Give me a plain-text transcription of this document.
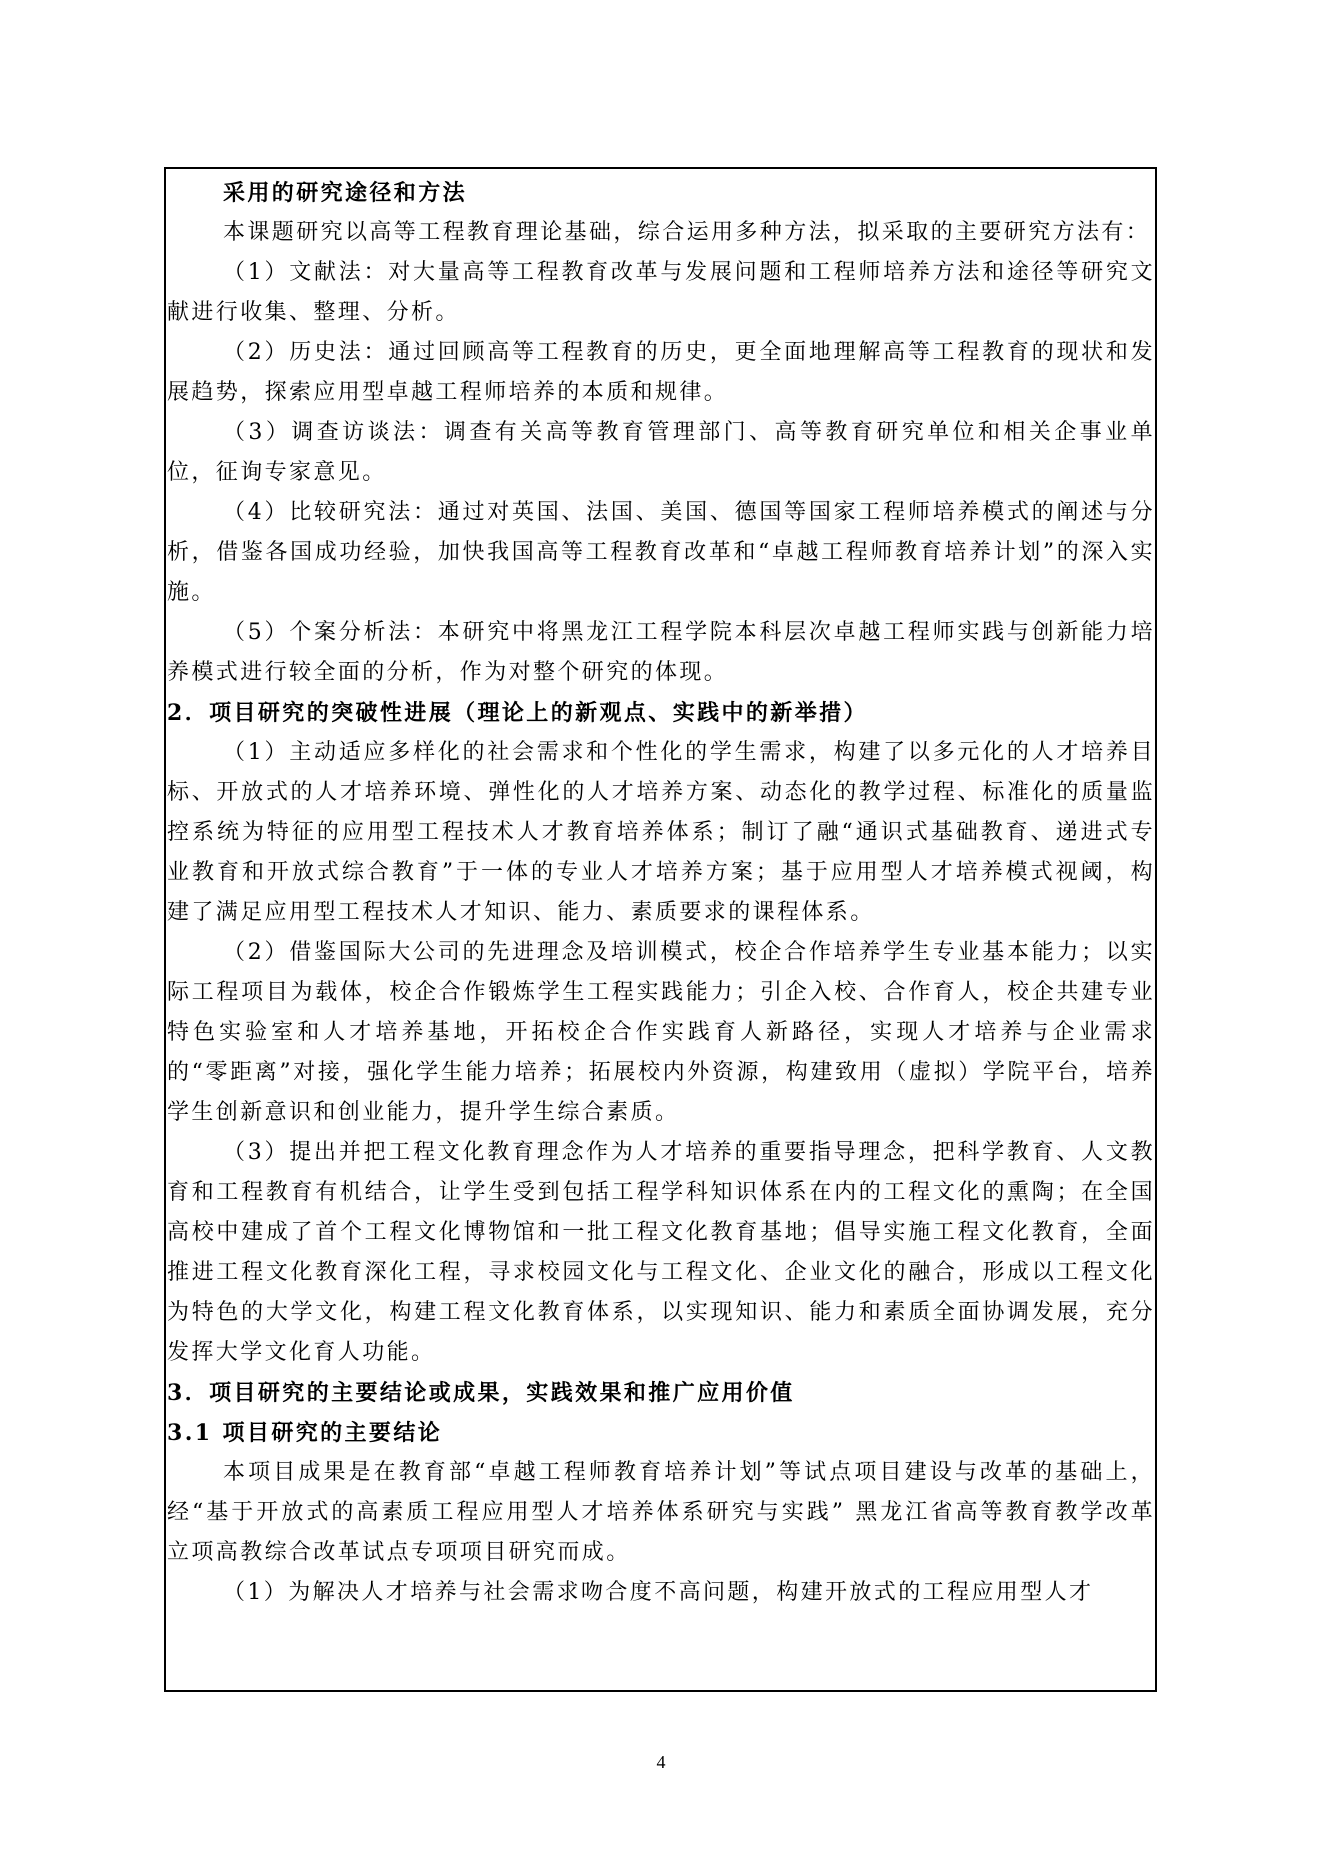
采用的研究途径和方法

本课题研究以高等工程教育理论基础，综合运用多种方法，拟采取的主要研究方法有：

（1）文献法：对大量高等工程教育改革与发展问题和工程师培养方法和途径等研究文献进行收集、整理、分析。

（2）历史法：通过回顾高等工程教育的历史，更全面地理解高等工程教育的现状和发展趋势，探索应用型卓越工程师培养的本质和规律。

（3）调查访谈法：调查有关高等教育管理部门、高等教育研究单位和相关企事业单位，征询专家意见。

（4）比较研究法：通过对英国、法国、美国、德国等国家工程师培养模式的阐述与分析，借鉴各国成功经验，加快我国高等工程教育改革和“卓越工程师教育培养计划”的深入实施。

（5）个案分析法：本研究中将黑龙江工程学院本科层次卓越工程师实践与创新能力培养模式进行较全面的分析，作为对整个研究的体现。

2．项目研究的突破性进展（理论上的新观点、实践中的新举措）

（1）主动适应多样化的社会需求和个性化的学生需求，构建了以多元化的人才培养目标、开放式的人才培养环境、弹性化的人才培养方案、动态化的教学过程、标准化的质量监控系统为特征的应用型工程技术人才教育培养体系；制订了融“通识式基础教育、递进式专业教育和开放式综合教育”于一体的专业人才培养方案；基于应用型人才培养模式视阈，构建了满足应用型工程技术人才知识、能力、素质要求的课程体系。

（2）借鉴国际大公司的先进理念及培训模式，校企合作培养学生专业基本能力；以实际工程项目为载体，校企合作锻炼学生工程实践能力；引企入校、合作育人，校企共建专业特色实验室和人才培养基地，开拓校企合作实践育人新路径，实现人才培养与企业需求的“零距离”对接，强化学生能力培养；拓展校内外资源，构建致用（虚拟）学院平台，培养学生创新意识和创业能力，提升学生综合素质。

（3）提出并把工程文化教育理念作为人才培养的重要指导理念，把科学教育、人文教育和工程教育有机结合，让学生受到包括工程学科知识体系在内的工程文化的熏陶；在全国高校中建成了首个工程文化博物馆和一批工程文化教育基地；倡导实施工程文化教育，全面推进工程文化教育深化工程，寻求校园文化与工程文化、企业文化的融合，形成以工程文化为特色的大学文化，构建工程文化教育体系，以实现知识、能力和素质全面协调发展，充分发挥大学文化育人功能。

3．项目研究的主要结论或成果，实践效果和推广应用价值

3.1 项目研究的主要结论

本项目成果是在教育部“卓越工程师教育培养计划”等试点项目建设与改革的基础上，经“基于开放式的高素质工程应用型人才培养体系研究与实践” 黑龙江省高等教育教学改革立项高教综合改革试点专项项目研究而成。

（1）为解决人才培养与社会需求吻合度不高问题，构建开放式的工程应用型人才

4
